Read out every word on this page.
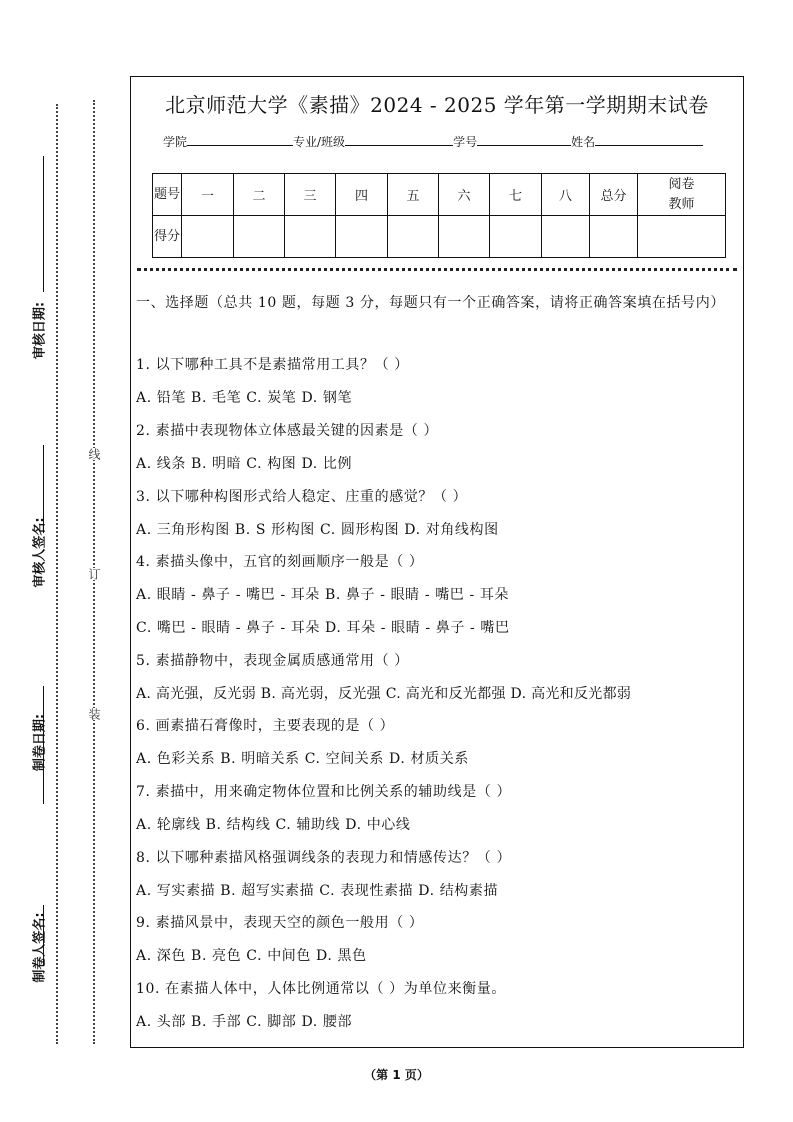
制卷人签名:
制卷日期:
审核人签名:
审核日期:
线
订
装
北京师范大学《素描》2024 - 2025 学年第一学期期末试卷
学院	专业/班级	学号	姓名
题号	一	二	三	四	五	六	七	八	总分	阅卷教师
得分										
一、选择题（总共 10 题，每题 3 分，每题只有一个正确答案，请将正确答案填在括号内）
1. 以下哪种工具不是素描常用工具？（ ）
A. 铅笔 B. 毛笔 C. 炭笔 D. 钢笔
2. 素描中表现物体立体感最关键的因素是（ ）
A. 线条 B. 明暗 C. 构图 D. 比例
3. 以下哪种构图形式给人稳定、庄重的感觉？（ ）
A. 三角形构图 B. S 形构图 C. 圆形构图 D. 对角线构图
4. 素描头像中，五官的刻画顺序一般是（ ）
A. 眼睛 - 鼻子 - 嘴巴 - 耳朵 B. 鼻子 - 眼睛 - 嘴巴 - 耳朵
C. 嘴巴 - 眼睛 - 鼻子 - 耳朵 D. 耳朵 - 眼睛 - 鼻子 - 嘴巴
5. 素描静物中，表现金属质感通常用（ ）
A. 高光强，反光弱 B. 高光弱，反光强 C. 高光和反光都强 D. 高光和反光都弱
6. 画素描石膏像时，主要表现的是（ ）
A. 色彩关系 B. 明暗关系 C. 空间关系 D. 材质关系
7. 素描中，用来确定物体位置和比例关系的辅助线是（ ）
A. 轮廓线 B. 结构线 C. 辅助线 D. 中心线
8. 以下哪种素描风格强调线条的表现力和情感传达？（ ）
A. 写实素描 B. 超写实素描 C. 表现性素描 D. 结构素描
9. 素描风景中，表现天空的颜色一般用（ ）
A. 深色 B. 亮色 C. 中间色 D. 黑色
10. 在素描人体中，人体比例通常以（ ）为单位来衡量。
A. 头部 B. 手部 C. 脚部 D. 腰部
（第 1 页）
